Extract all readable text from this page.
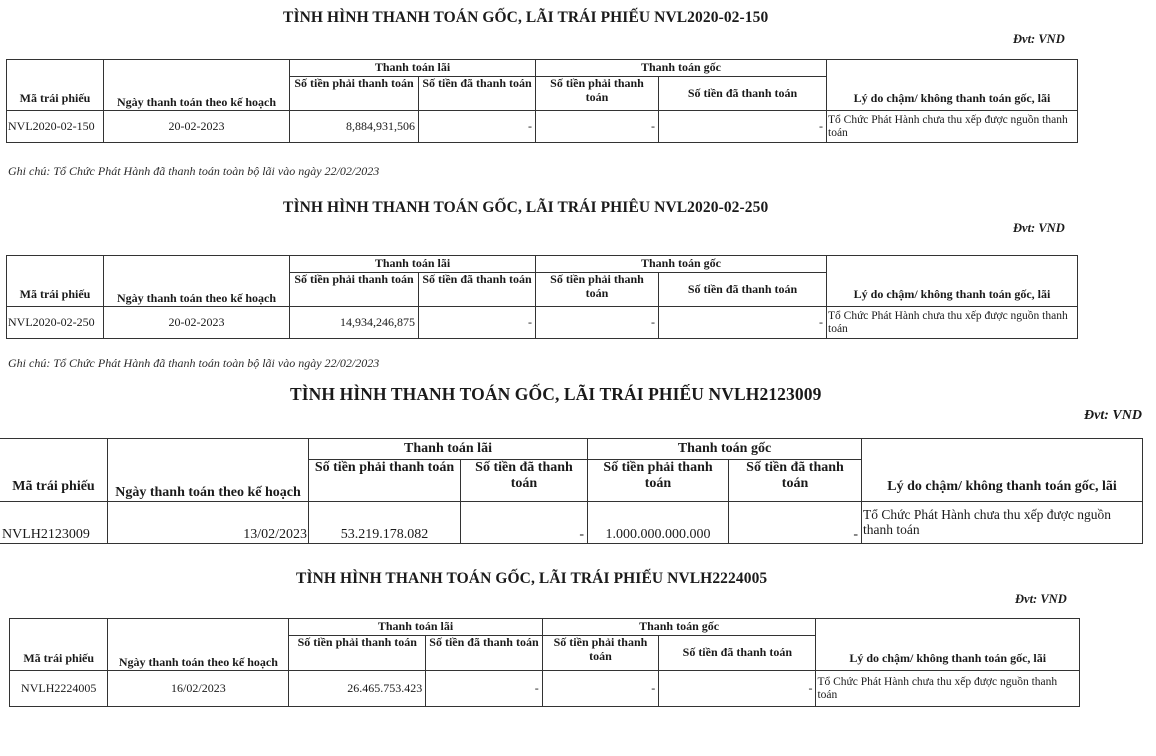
TÌNH HÌNH THANH TOÁN GỐC, LÃI TRÁI PHIẾU NVL2020-02-150
Đvt: VND
Mã trái phiếu	Ngày thanh toán theo kế hoạch	Thanh toán lãi		Thanh toán gốc		Lý do chậm/ không thanh toán gốc, lãi
		Số tiền phải thanh toán	Số tiền đã thanh toán	Số tiền phải thanh toán	Số tiền đã thanh toán	
NVL2020-02-150	20-02-2023	8,884,931,506	-	-	-	Tổ Chức Phát Hành chưa thu xếp được nguồn thanh toán
Ghi chú: Tổ Chức Phát Hành đã thanh toán toàn bộ lãi vào ngày 22/02/2023
TÌNH HÌNH THANH TOÁN GỐC, LÃI TRÁI PHIÊU NVL2020-02-250
Đvt: VND
Mã trái phiếu	Ngày thanh toán theo kế hoạch	Thanh toán lãi		Thanh toán gốc		Lý do chậm/ không thanh toán gốc, lãi
		Số tiền phải thanh toán	Số tiền đã thanh toán	Số tiền phải thanh toán	Số tiền đã thanh toán	
NVL2020-02-250	20-02-2023	14,934,246,875	-	-	-	Tổ Chức Phát Hành chưa thu xếp được nguồn thanh toán
Ghi chú: Tổ Chức Phát Hành đã thanh toán toàn bộ lãi vào ngày 22/02/2023
TÌNH HÌNH THANH TOÁN GỐC, LÃI TRÁI PHIẾU NVLH2123009
Đvt: VND
Mã trái phiếu	Ngày thanh toán theo kế hoạch	Thanh toán lãi		Thanh toán gốc		Lý do chậm/ không thanh toán gốc, lãi
		Số tiền phải thanh toán	Số tiền đã thanh toán	Số tiền phải thanh toán	Số tiền đã thanh toán	
NVLH2123009	13/02/2023	53.219.178.082	-	1.000.000.000.000	-	Tổ Chức Phát Hành chưa thu xếp được nguồn thanh toán
TÌNH HÌNH THANH TOÁN GỐC, LÃI TRÁI PHIẾU NVLH2224005
Đvt: VND
Mã trái phiếu	Ngày thanh toán theo kế hoạch	Thanh toán lãi		Thanh toán gốc		Lý do chậm/ không thanh toán gốc, lãi
		Số tiền phải thanh toán	Số tiền đã thanh toán	Số tiền phải thanh toán	Số tiền đã thanh toán	
NVLH2224005	16/02/2023	26.465.753.423	-	-	-	Tổ Chức Phát Hành chưa thu xếp được nguồn thanh toán
